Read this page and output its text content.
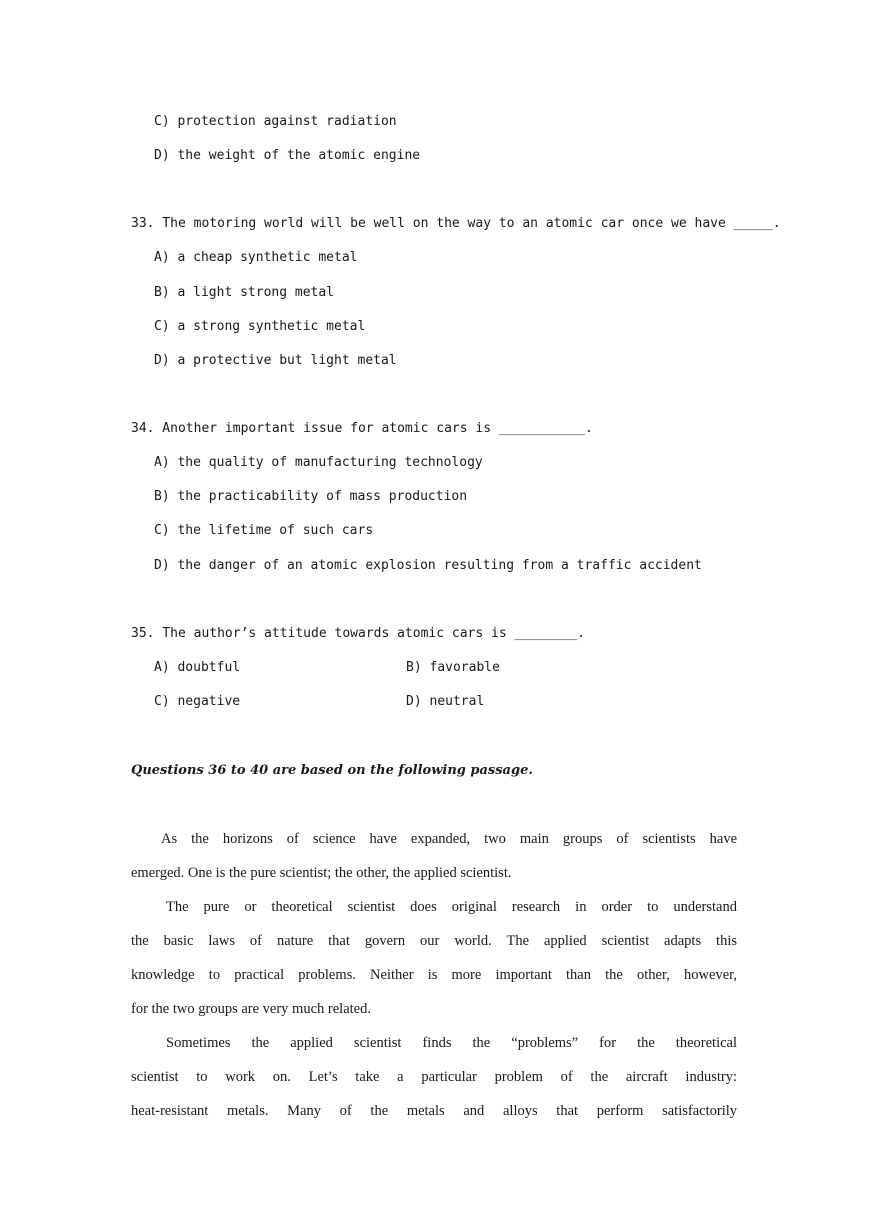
C) protection against radiation
D) the weight of the atomic engine
33. The motoring world will be well on the way to an atomic car once we have _____.
A) a cheap synthetic metal
B) a light strong metal
C) a strong synthetic metal
D) a protective but light metal
34. Another important issue for atomic cars is ___________.
A) the quality of manufacturing technology
B) the practicability of mass production
C) the lifetime of such cars
D) the danger of an atomic explosion resulting from a traffic accident
35. The author’s attitude towards atomic cars is ________.
A) doubtful	B) favorable
C) negative	D) neutral
Questions 36 to 40 are based on the following passage.
As the horizons of science have expanded, two main groups of scientists have
emerged. One is the pure scientist; the other, the applied scientist.
The pure or theoretical scientist does original research in order to understand
the basic laws of nature that govern our world. The applied scientist adapts this
knowledge to practical problems. Neither is more important than the other, however,
for the two groups are very much related.
Sometimes the applied scientist finds the “problems” for the theoretical
scientist to work on. Let’s take a particular problem of the aircraft industry:
heat-resistant metals. Many of the metals and alloys that perform satisfactorily
